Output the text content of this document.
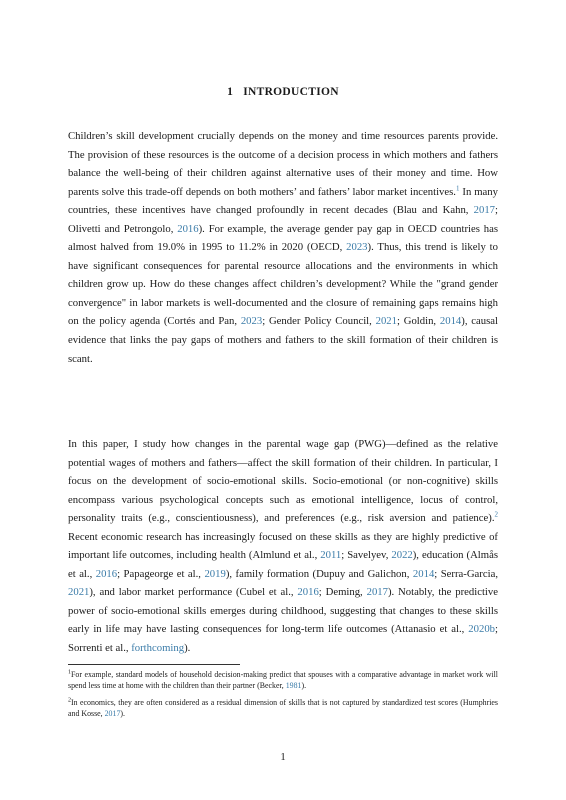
1 INTRODUCTION

Children’s skill development crucially depends on the money and time resources parents provide. The provision of these resources is the outcome of a decision process in which mothers and fathers balance the well-being of their children against alternative uses of their money and time. How parents solve this trade-off depends on both mothers’ and fathers’ labor market incentives.$^1$ In many countries, these incentives have changed profoundly in recent decades (Blau and Kahn, 2017; Olivetti and Petrongolo, 2016). For example, the average gender pay gap in OECD countries has almost halved from 19.0% in 1995 to 11.2% in 2020 (OECD, 2023). Thus, this trend is likely to have significant consequences for parental resource allocations and the environments in which children grow up. How do these changes affect children’s development? While the "grand gender convergence" in labor markets is well-documented and the closure of remaining gaps remains high on the policy agenda (Cortés and Pan, 2023; Gender Policy Council, 2021; Goldin, 2014), causal evidence that links the pay gaps of mothers and fathers to the skill formation of their children is scant.

In this paper, I study how changes in the parental wage gap (PWG)—defined as the relative potential wages of mothers and fathers—affect the skill formation of their children. In particular, I focus on the development of socio-emotional skills. Socio-emotional (or non-cognitive) skills encompass various psychological concepts such as emotional intelligence, locus of control, personality traits (e.g., conscientiousness), and preferences (e.g., risk aversion and patience).$^2$ Recent economic research has increasingly focused on these skills as they are highly predictive of important life outcomes, including health (Almlund et al., 2011; Savelyev, 2022), education (Almås et al., 2016; Papageorge et al., 2019), family formation (Dupuy and Galichon, 2014; Serra-Garcia, 2021), and labor market performance (Cubel et al., 2016; Deming, 2017). Notably, the predictive power of socio-emotional skills emerges during childhood, suggesting that changes to these skills early in life may have lasting consequences for long-term life outcomes (Attanasio et al., 2020b; Sorrenti et al., forthcoming).

$^1$For example, standard models of household decision-making predict that spouses with a comparative advantage in market work will spend less time at home with the children than their partner (Becker, 1981).

$^2$In economics, they are often considered as a residual dimension of skills that is not captured by standardized test scores (Humphries and Kosse, 2017).

1
